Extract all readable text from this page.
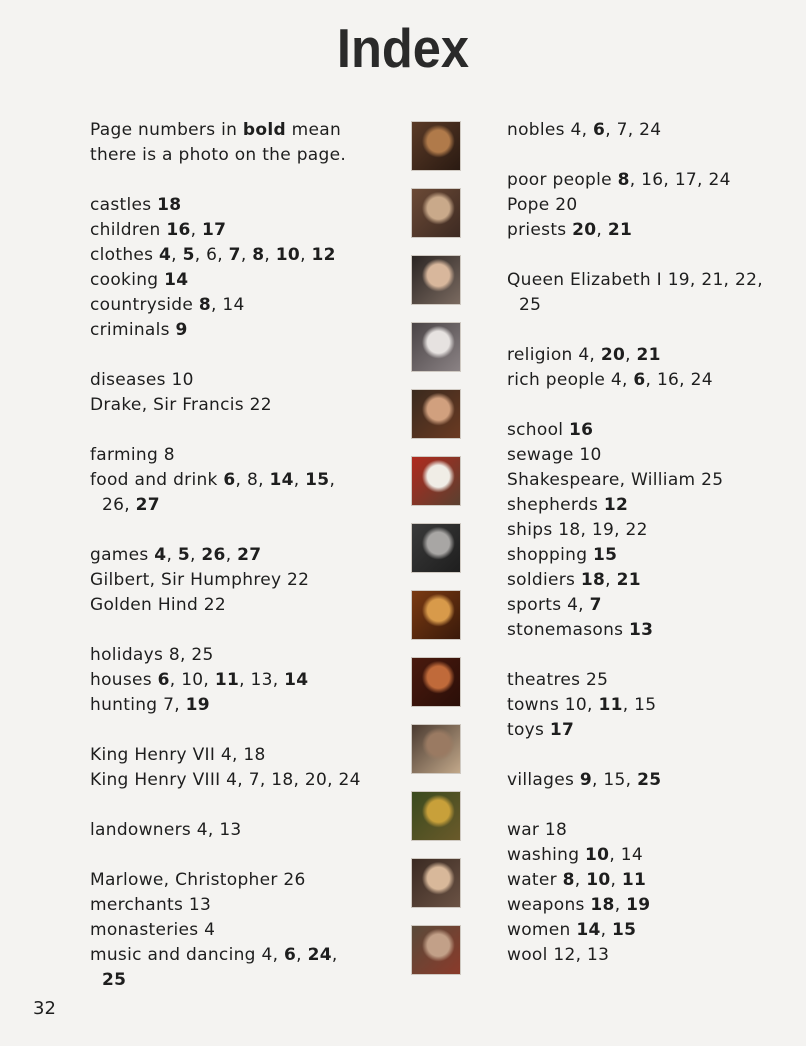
Index
Page numbers in bold mean there is a photo on the page.
castles 18
children 16, 17
clothes 4, 5, 6, 7, 8, 10, 12
cooking 14
countryside 8, 14
criminals 9
diseases 10
Drake, Sir Francis 22
farming 8
food and drink 6, 8, 14, 15,
26, 27
games 4, 5, 26, 27
Gilbert, Sir Humphrey 22
Golden Hind 22
holidays 8, 25
houses 6, 10, 11, 13, 14
hunting 7, 19
King Henry VII 4, 18
King Henry VIII 4, 7, 18, 20, 24
landowners 4, 13
Marlowe, Christopher 26
merchants 13
monasteries 4
music and dancing 4, 6, 24,
25
nobles 4, 6, 7, 24
poor people 8, 16, 17, 24
Pope 20
priests 20, 21
Queen Elizabeth I 19, 21, 22,
25
religion 4, 20, 21
rich people 4, 6, 16, 24
school 16
sewage 10
Shakespeare, William 25
shepherds 12
ships 18, 19, 22
shopping 15
soldiers 18, 21
sports 4, 7
stonemasons 13
theatres 25
towns 10, 11, 15
toys 17
villages 9, 15, 25
war 18
washing 10, 14
water 8, 10, 11
weapons 18, 19
women 14, 15
wool 12, 13
32
